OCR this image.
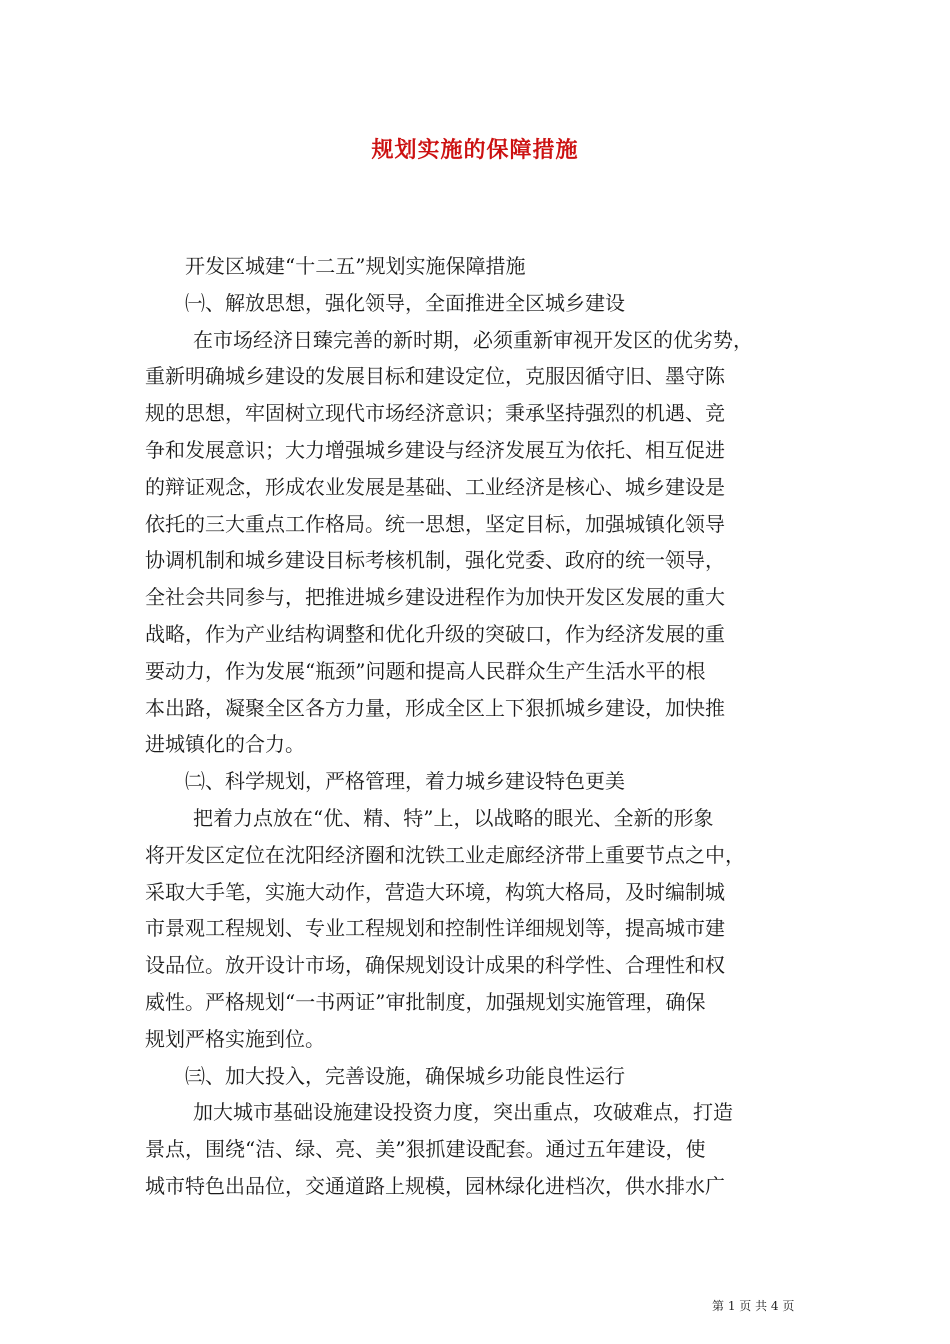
规划实施的保障措施
开发区城建“十二五”规划实施保障措施
㈠、解放思想，强化领导，全面推进全区城乡建设
在市场经济日臻完善的新时期，必须重新审视开发区的优劣势，
重新明确城乡建设的发展目标和建设定位，克服因循守旧、墨守陈
规的思想，牢固树立现代市场经济意识；秉承坚持强烈的机遇、竞
争和发展意识；大力增强城乡建设与经济发展互为依托、相互促进
的辩证观念，形成农业发展是基础、工业经济是核心、城乡建设是
依托的三大重点工作格局。统一思想，坚定目标，加强城镇化领导
协调机制和城乡建设目标考核机制，强化党委、政府的统一领导，
全社会共同参与，把推进城乡建设进程作为加快开发区发展的重大
战略，作为产业结构调整和优化升级的突破口，作为经济发展的重
要动力，作为发展“瓶颈”问题和提高人民群众生产生活水平的根
本出路，凝聚全区各方力量，形成全区上下狠抓城乡建设，加快推
进城镇化的合力。
㈡、科学规划，严格管理，着力城乡建设特色更美
把着力点放在“优、精、特”上，以战略的眼光、全新的形象
将开发区定位在沈阳经济圈和沈铁工业走廊经济带上重要节点之中，
采取大手笔，实施大动作，营造大环境，构筑大格局，及时编制城
市景观工程规划、专业工程规划和控制性详细规划等，提高城市建
设品位。放开设计市场，确保规划设计成果的科学性、合理性和权
威性。严格规划“一书两证”审批制度，加强规划实施管理，确保
规划严格实施到位。
㈢、加大投入，完善设施，确保城乡功能良性运行
加大城市基础设施建设投资力度，突出重点，攻破难点，打造
景点，围绕“洁、绿、亮、美”狠抓建设配套。通过五年建设，使
城市特色出品位，交通道路上规模，园林绿化进档次，供水排水广
第 1 页 共 4 页
